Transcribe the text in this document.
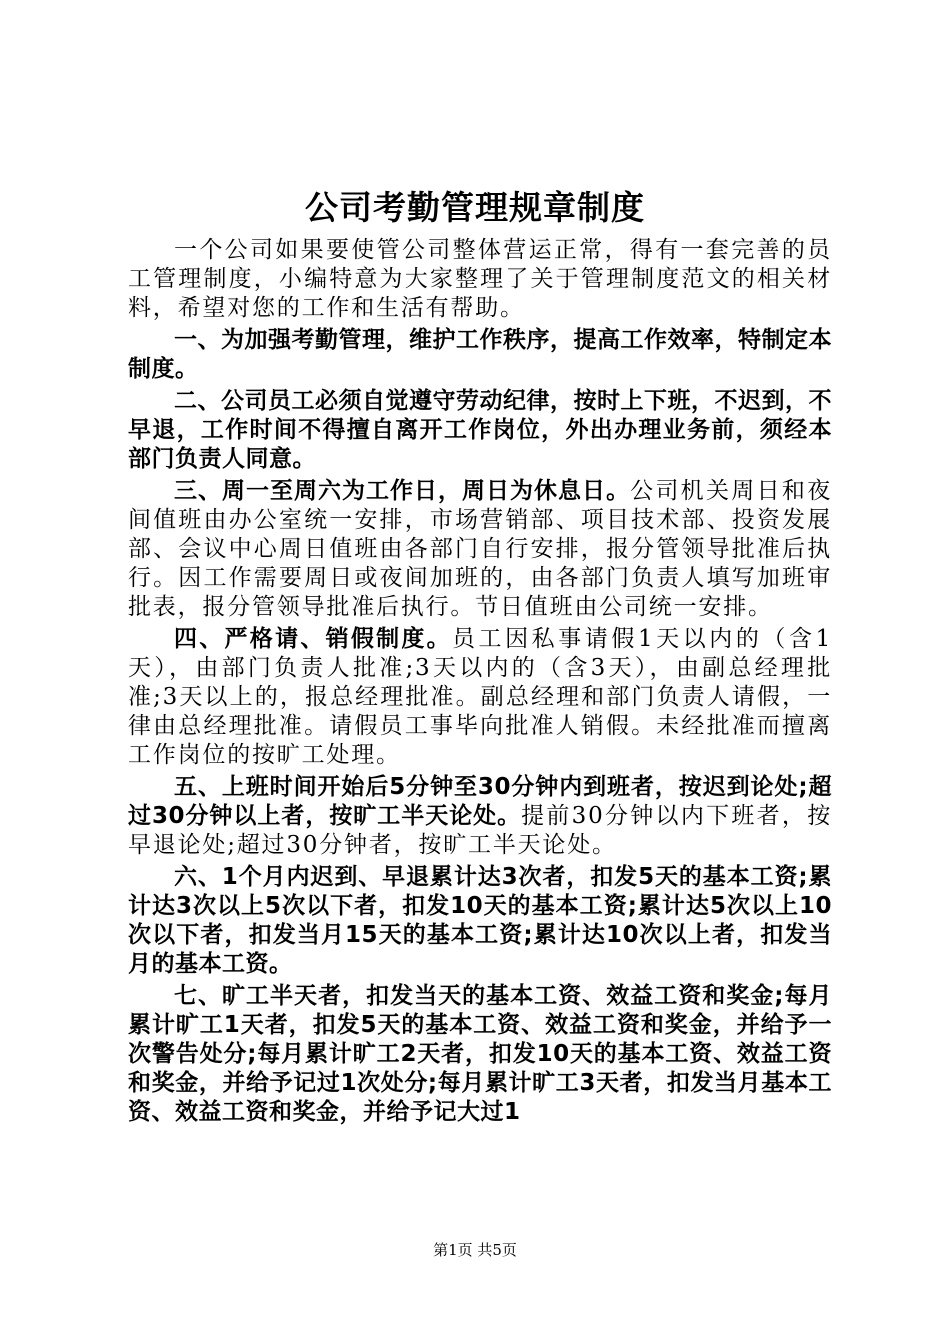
公司考勤管理规章制度

一个公司如果要使管公司整体营运正常，得有一套完善的员工管理制度，小编特意为大家整理了关于管理制度范文的相关材料，希望对您的工作和生活有帮助。

一、为加强考勤管理，维护工作秩序，提高工作效率，特制定本制度。

二、公司员工必须自觉遵守劳动纪律，按时上下班，不迟到，不早退，工作时间不得擅自离开工作岗位，外出办理业务前，须经本部门负责人同意。

三、周一至周六为工作日，周日为休息日。公司机关周日和夜间值班由办公室统一安排，市场营销部、项目技术部、投资发展部、会议中心周日值班由各部门自行安排，报分管领导批准后执行。因工作需要周日或夜间加班的，由各部门负责人填写加班审批表，报分管领导批准后执行。节日值班由公司统一安排。

四、严格请、销假制度。员工因私事请假1天以内的（含1天），由部门负责人批准;3天以内的（含3天），由副总经理批准;3天以上的，报总经理批准。副总经理和部门负责人请假，一律由总经理批准。请假员工事毕向批准人销假。未经批准而擅离工作岗位的按旷工处理。

五、上班时间开始后5分钟至30分钟内到班者，按迟到论处;超过30分钟以上者，按旷工半天论处。提前30分钟以内下班者，按早退论处;超过30分钟者，按旷工半天论处。

六、1个月内迟到、早退累计达3次者，扣发5天的基本工资;累计达3次以上5次以下者，扣发10天的基本工资;累计达5次以上10次以下者，扣发当月15天的基本工资;累计达10次以上者，扣发当月的基本工资。

七、旷工半天者，扣发当天的基本工资、效益工资和奖金;每月累计旷工1天者，扣发5天的基本工资、效益工资和奖金，并给予一次警告处分;每月累计旷工2天者，扣发10天的基本工资、效益工资和奖金，并给予记过1次处分;每月累计旷工3天者，扣发当月基本工资、效益工资和奖金，并给予记大过1

第1页 共5页
